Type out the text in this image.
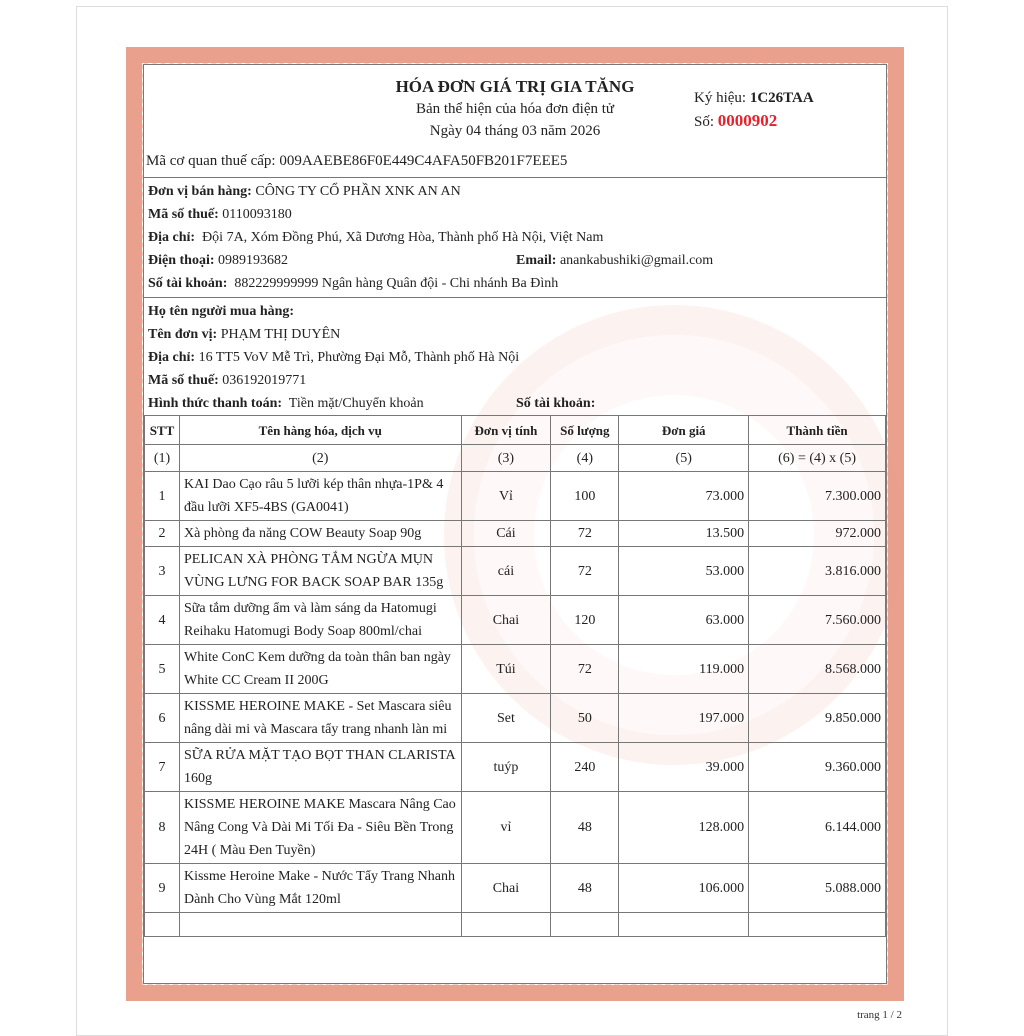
HÓA ĐƠN GIÁ TRỊ GIA TĂNG
Bản thể hiện của hóa đơn điện tử
Ngày 04 tháng 03 năm 2026
Ký hiệu: 1C26TAA
Số: 0000902
Mã cơ quan thuế cấp: 009AAEBE86F0E449C4AFA50FB201F7EEE5
Đơn vị bán hàng: CÔNG TY CỔ PHẦN XNK AN AN
Mã số thuế: 0110093180
Địa chỉ: Đội 7A, Xóm Đồng Phú, Xã Dương Hòa, Thành phố Hà Nội, Việt Nam
Điện thoại: 0989193682	Email: anankabushiki@gmail.com
Số tài khoản: 882229999999 Ngân hàng Quân đội - Chi nhánh Ba Đình
Họ tên người mua hàng:
Tên đơn vị: PHẠM THỊ DUYÊN
Địa chỉ: 16 TT5 VoV Mễ Trì, Phường Đại Mỗ, Thành phố Hà Nội
Mã số thuế: 036192019771
Hình thức thanh toán: Tiền mặt/Chuyển khoản	Số tài khoản:
STT	Tên hàng hóa, dịch vụ	Đơn vị tính	Số lượng	Đơn giá	Thành tiền
(1)	(2)	(3)	(4)	(5)	(6) = (4) x (5)
1	KAI Dao Cạo râu 5 lưỡi kép thân nhựa-1P& 4 đầu lưỡi XF5-4BS (GA0041)	Vỉ	100	73.000	7.300.000
2	Xà phòng đa năng COW Beauty Soap 90g	Cái	72	13.500	972.000
3	PELICAN XÀ PHÒNG TẮM NGỪA MỤN VÙNG LƯNG FOR BACK SOAP BAR 135g	cái	72	53.000	3.816.000
4	Sữa tắm dưỡng ẩm và làm sáng da Hatomugi Reihaku Hatomugi Body Soap 800ml/chai	Chai	120	63.000	7.560.000
5	White ConC Kem dưỡng da toàn thân ban ngày White CC Cream II 200G	Túi	72	119.000	8.568.000
6	KISSME HEROINE MAKE - Set Mascara siêu nâng dài mi và Mascara tẩy trang nhanh làn mi	Set	50	197.000	9.850.000
7	SỮA RỬA MẶT TẠO BỌT THAN CLARISTA 160g	tuýp	240	39.000	9.360.000
8	KISSME HEROINE MAKE Mascara Nâng Cao Nâng Cong Và Dài Mi Tối Đa - Siêu Bền Trong 24H ( Màu Đen Tuyền)	vỉ	48	128.000	6.144.000
9	Kissme Heroine Make - Nước Tẩy Trang Nhanh Dành Cho Vùng Mắt 120ml	Chai	48	106.000	5.088.000

trang 1 / 2
